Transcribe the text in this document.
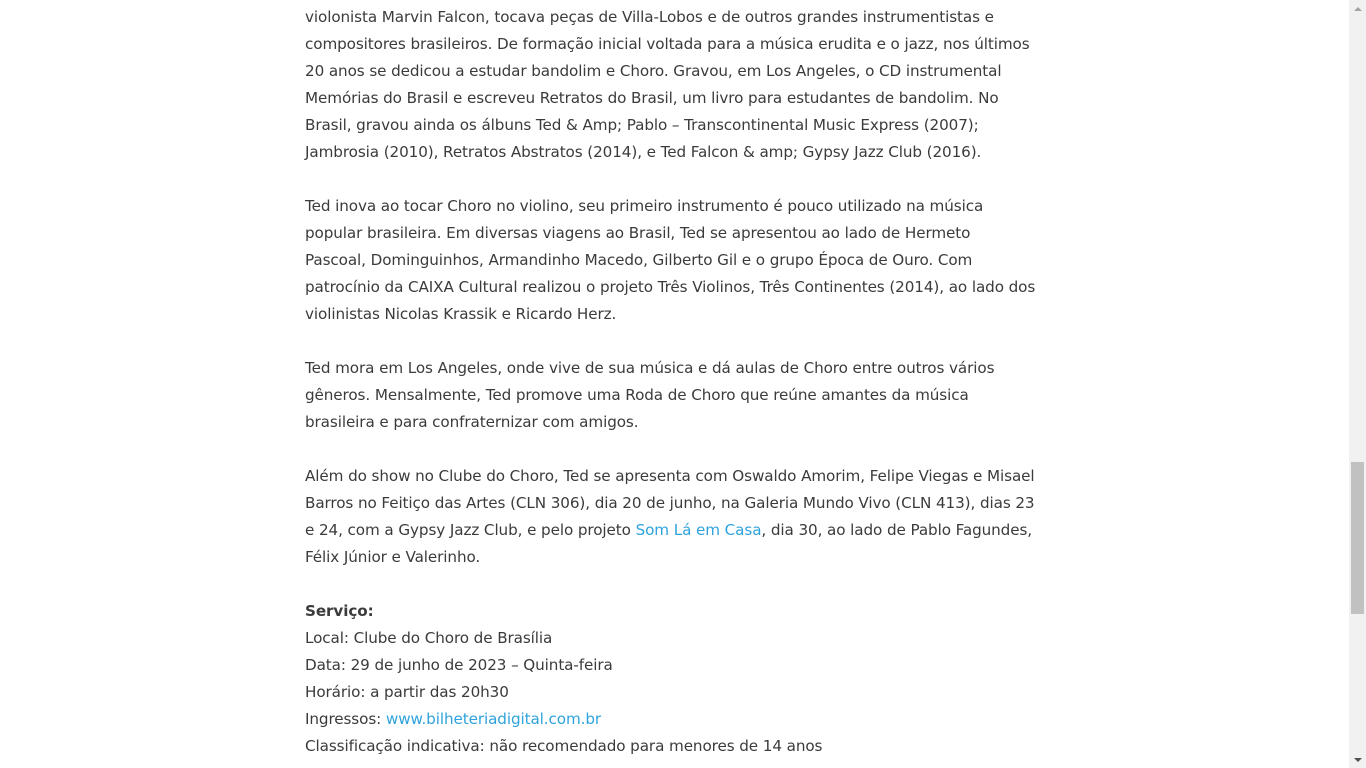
violonista Marvin Falcon, tocava peças de Villa-Lobos e de outros grandes instrumentistas e
compositores brasileiros. De formação inicial voltada para a música erudita e o jazz, nos últimos
20 anos se dedicou a estudar bandolim e Choro. Gravou, em Los Angeles, o CD instrumental
Memórias do Brasil e escreveu Retratos do Brasil, um livro para estudantes de bandolim. No
Brasil, gravou ainda os álbuns Ted & Amp; Pablo – Transcontinental Music Express (2007);
Jambrosia (2010), Retratos Abstratos (2014), e Ted Falcon & amp; Gypsy Jazz Club (2016).

Ted inova ao tocar Choro no violino, seu primeiro instrumento é pouco utilizado na música
popular brasileira. Em diversas viagens ao Brasil, Ted se apresentou ao lado de Hermeto
Pascoal, Dominguinhos, Armandinho Macedo, Gilberto Gil e o grupo Época de Ouro. Com
patrocínio da CAIXA Cultural realizou o projeto Três Violinos, Três Continentes (2014), ao lado dos
violinistas Nicolas Krassik e Ricardo Herz.

Ted mora em Los Angeles, onde vive de sua música e dá aulas de Choro entre outros vários
gêneros. Mensalmente, Ted promove uma Roda de Choro que reúne amantes da música
brasileira e para confraternizar com amigos.

Além do show no Clube do Choro, Ted se apresenta com Oswaldo Amorim, Felipe Viegas e Misael
Barros no Feitiço das Artes (CLN 306), dia 20 de junho, na Galeria Mundo Vivo (CLN 413), dias 23
e 24, com a Gypsy Jazz Club, e pelo projeto Som Lá em Casa, dia 30, ao lado de Pablo Fagundes,
Félix Júnior e Valerinho.

Serviço:
Local: Clube do Choro de Brasília
Data: 29 de junho de 2023 – Quinta-feira
Horário: a partir das 20h30
Ingressos: www.bilheteriadigital.com.br
Classificação indicativa: não recomendado para menores de 14 anos
